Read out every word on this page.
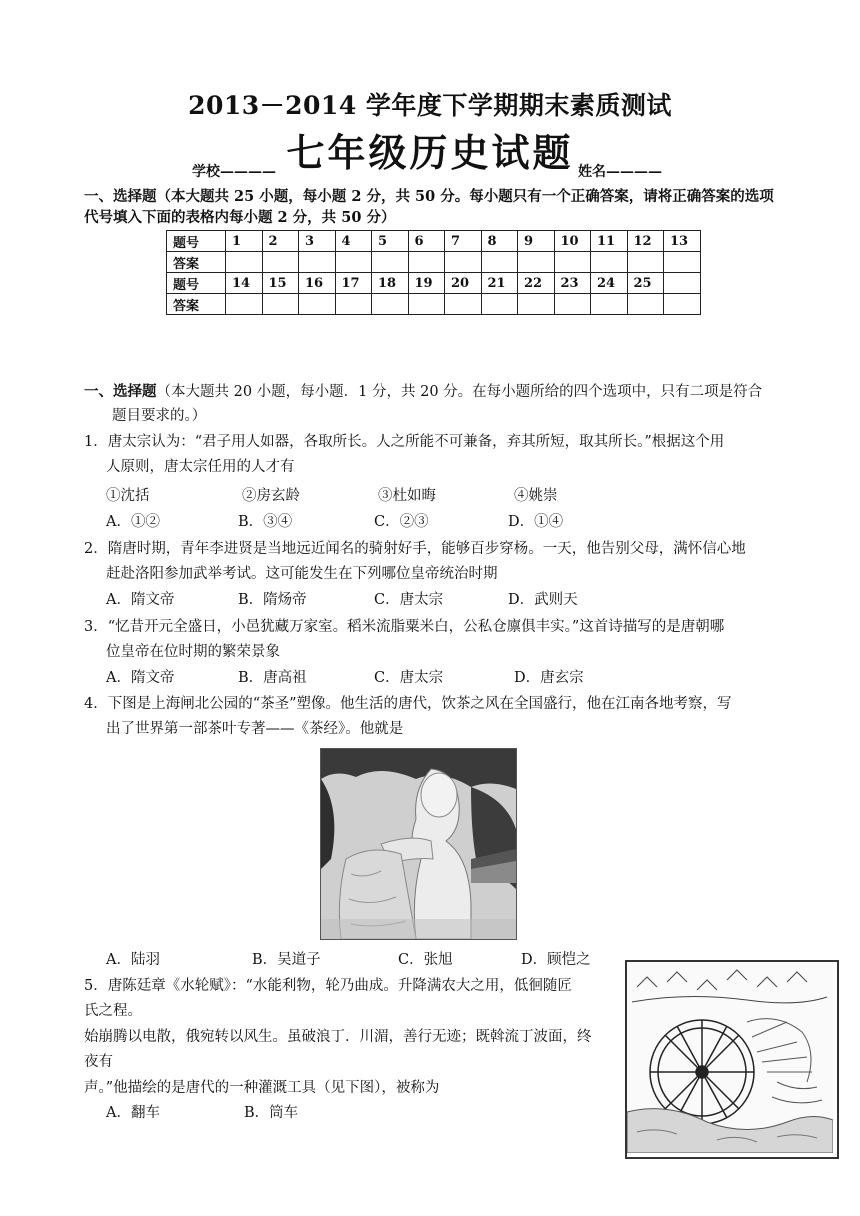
2013－2014 学年度下学期期末素质测试
七年级历史试题
学校————	姓名————
一、选择题（本大题共 25 小题，每小题 2 分，共 50 分。每小题只有一个正确答案，请将正确答案的选项
代号填入下面的表格内每小题 2 分，共 50 分）
题号	1	2	3	4	5	6	7	8	9	10	11	12	13
答案													
题号	14	15	16	17	18	19	20	21	22	23	24	25	
答案													
一、选择题（本大题共 20 小题，每小题．1 分，共 20 分。在每小题所给的四个选项中，只有二项是符合
题目要求的。）
1．唐太宗认为：“君子用人如器，各取所长。人之所能不可兼备，弃其所短，取其所长。”根据这个用
人原则，唐太宗任用的人才有
①沈括	②房玄龄	③杜如晦	④姚崇
A．①②	B．③④	C．②③	D．①④
2．隋唐时期，青年李进贤是当地远近闻名的骑射好手，能够百步穿杨。一天，他告别父母，满怀信心地
赶赴洛阳参加武举考试。这可能发生在下列哪位皇帝统治时期
A．隋文帝	B．隋炀帝	C．唐太宗	D．武则天
3．“忆昔开元全盛日，小邑犹藏万家室。稻米流脂粟米白，公私仓廪俱丰实。”这首诗描写的是唐朝哪
位皇帝在位时期的繁荣景象
A．隋文帝	B．唐高祖	C．唐太宗	D．唐玄宗
4．下图是上海闸北公园的“茶圣”塑像。他生活的唐代，饮茶之风在全国盛行，他在江南各地考察，写
出了世界第一部茶叶专著——《茶经》。他就是
A．陆羽	B．吴道子	C．张旭	D．顾恺之
5．唐陈廷章《水轮赋》：“水能利物，轮乃曲成。升降满农大之用，低徊随匠
氏之程。
始崩腾以电散，俄宛转以风生。虽破浪丁．川湄，善行无迹；既斡流丁波面，终
夜有
声。”他描绘的是唐代的一种灌溉工具（见下图），被称为
A．翻车	B．筒车
